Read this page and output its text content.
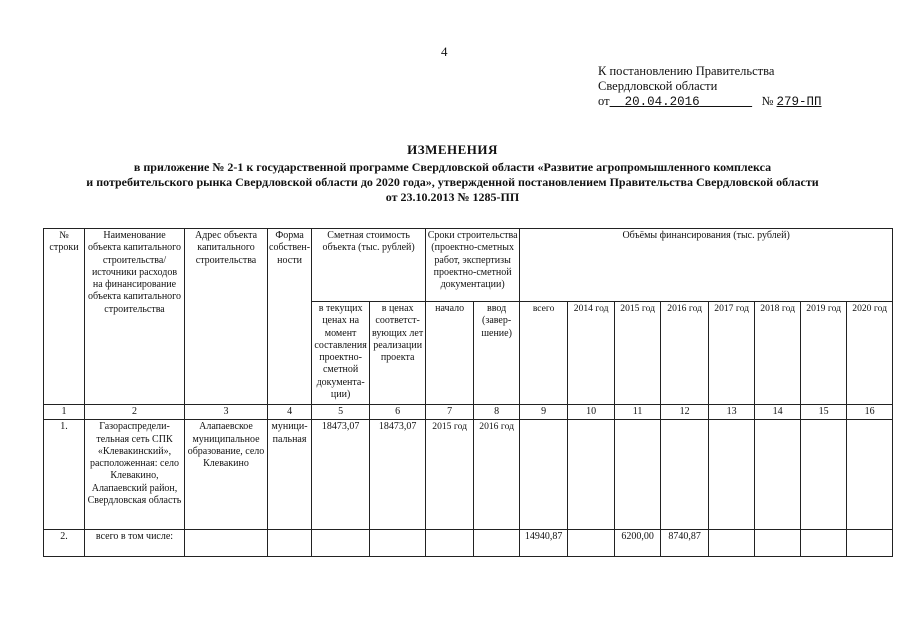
4
К постановлению Правительства
Свердловской области
от 20.04.2016	№ 279-ПП
ИЗМЕНЕНИЯ
в приложение № 2-1 к государственной программе Свердловской области «Развитие агропромышленного комплекса
и потребительского рынка Свердловской области до 2020 года», утвержденной постановлением Правительства Свердловской области
от 23.10.2013 № 1285-ПП
№ строки	Наименование объекта капитального строительства/ источники расходов на финансирование объекта капитального строительства	Адрес объекта капитального строительства	Форма собствен-ности	Сметная стоимость объекта (тыс. рублей)		Сроки строительства (проектно-сметных работ, экспертизы проектно-сметной документации)		Объёмы финансирования (тыс. рублей)							
				в текущих ценах на момент составления проектно-сметной документа-ции)	в ценах соответст-вующих лет реализации проекта	начало	ввод (завер-шение)	всего	2014 год	2015 год	2016 год	2017 год	2018 год	2019 год	2020 год
1	2	3	4	5	6	7	8	9	10	11	12	13	14	15	16
1.	Газораспредели-тельная сеть СПК «Клевакинский», расположенная: село Клевакино, Алапаевский район, Свердловская область	Алапаевское муниципальное образование, село Клевакино	муници-пальная	18473,07	18473,07	2015 год	2016 год								
2.	всего в том числе:							14940,87		6200,00	8740,87				
